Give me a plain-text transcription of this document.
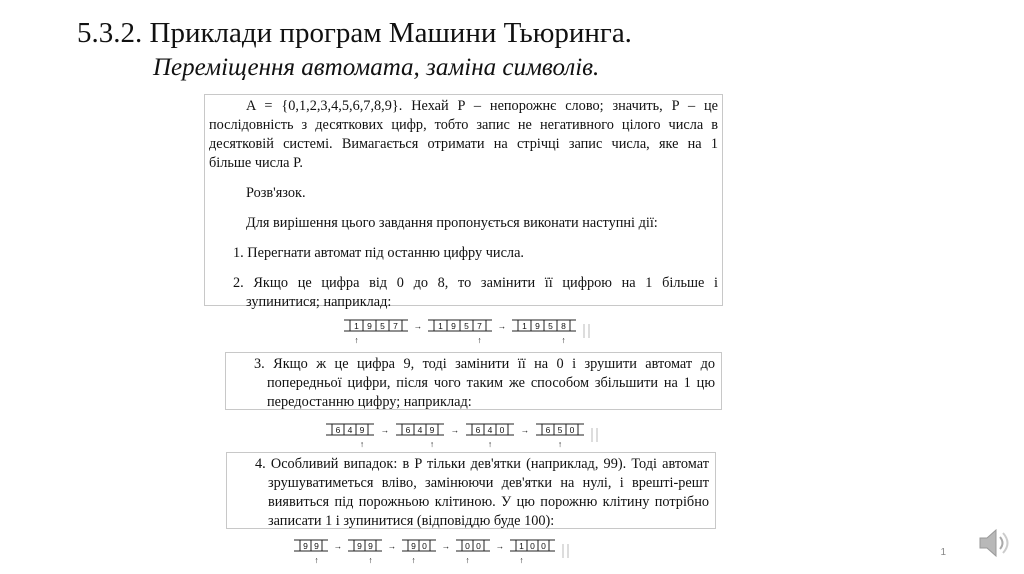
5.3.2. Приклади програм Машини Тьюринга.
Переміщення автомата, заміна символів.

A = {0,1,2,3,4,5,6,7,8,9}. Нехай P – непорожнє слово; значить, P – це

послідовність з десяткових цифр, тобто запис не негативного цілого числа в

десятковій системі. Вимагається отримати на стрічці запис числа, яке на 1

більше числа P.

Розв'язок.

Для вирішення цього завдання пропонується виконати наступні дії:

1. Перегнати автомат під останню цифру числа.

2. Якщо це цифра від 0 до 8, то замінити її цифрою на 1 більше і

зупинитися; наприклад:

1 9 5 7
↑
→ 1 9 5 7
↑
→ 1 9 5 8
↑

3. Якщо ж це цифра 9, тоді замінити її на 0 і зрушити автомат до попередньої цифри, після чого таким же способом збільшити на 1 цю передостанню цифру; наприклад:

6 4 9
↑
→ 6 4 9
↑
→ 6 4 0
↑
→ 6 5 0
↑

4. Особливий випадок: в P тільки дев'ятки (наприклад, 99). Тоді автомат зрушуватиметься вліво, замінюючи дев'ятки на нулі, і врешті-решт виявиться під порожньою клітиною. У цю порожню клітину потрібно записати 1 і зупинитися (відповіддю буде 100):

9 9
↑
→ 9 9
↑
→ 9 0
↑
→ 0 0
↑
→ 1 0 0
↑
1
